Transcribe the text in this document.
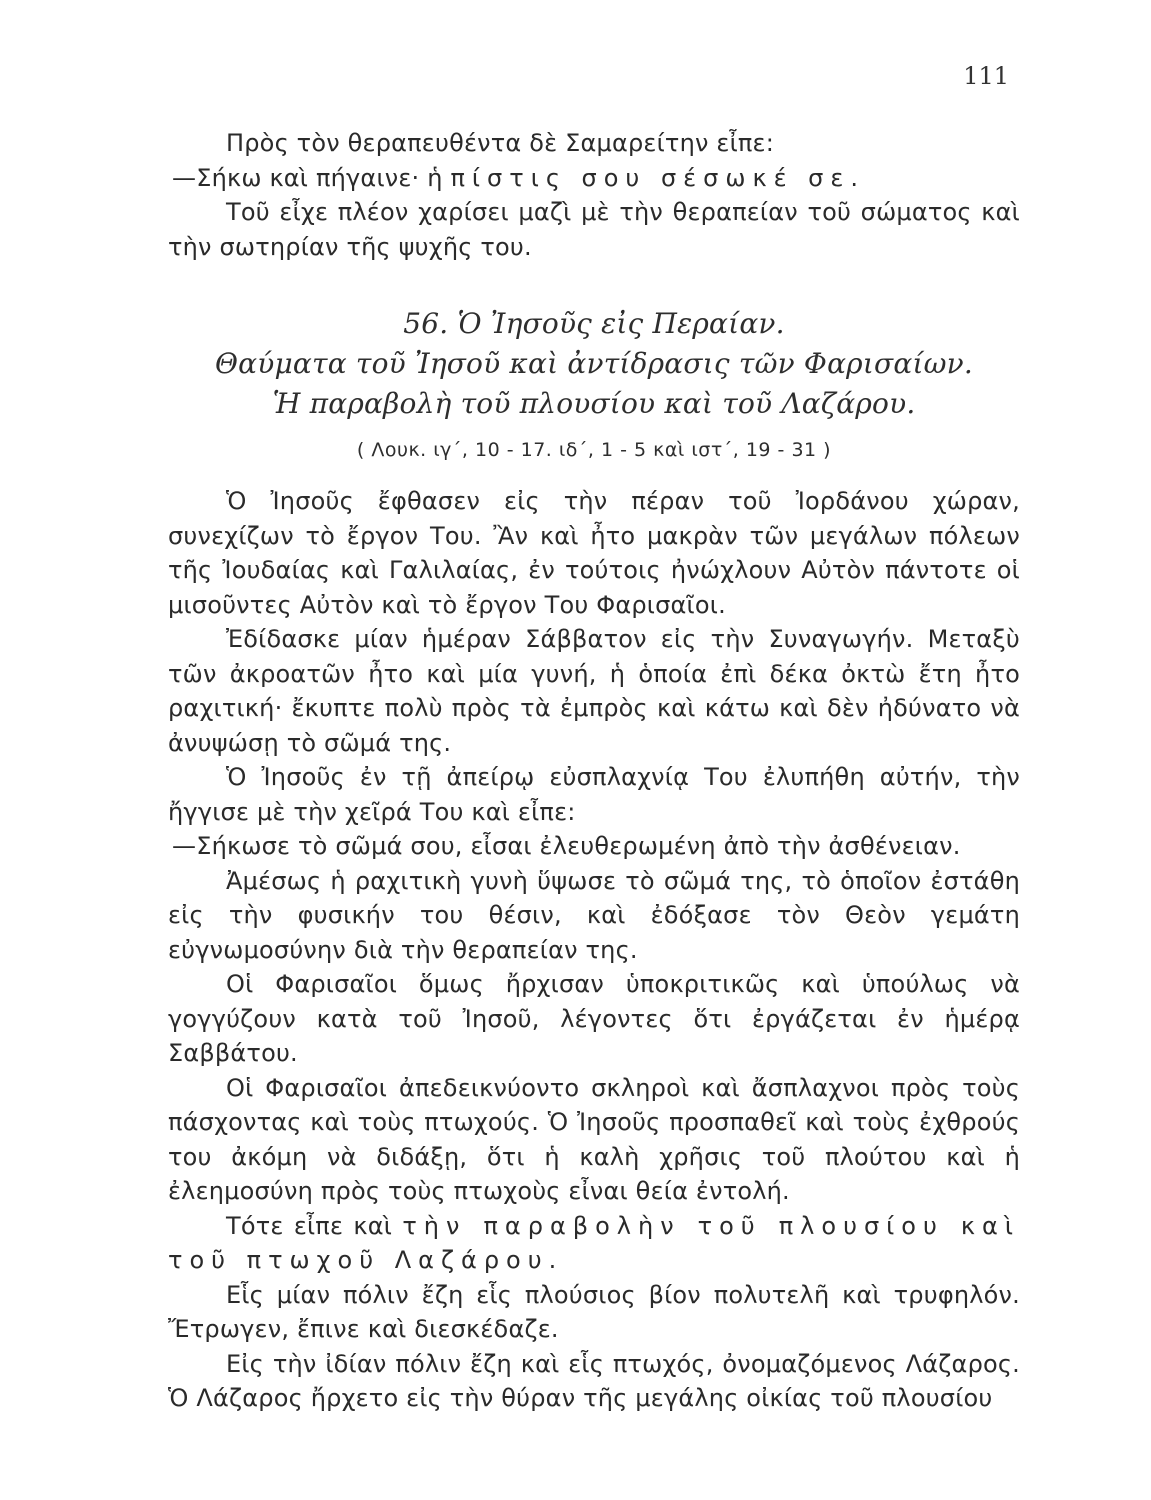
111

Πρὸς τὸν θεραπευθέντα δὲ Σαμαρείτην εἶπε:

—Σήκω καὶ πήγαινε· ἡ πίστις σου σέσωκέ σε.

Τοῦ εἶχε πλέον χαρίσει μαζὶ μὲ τὴν θεραπείαν τοῦ σώματος καὶ τὴν σωτηρίαν τῆς ψυχῆς του.

56. Ὁ Ἰησοῦς εἰς Περαίαν.
Θαύματα τοῦ Ἰησοῦ καὶ ἀντίδρασις τῶν Φαρισαίων.
Ἡ παραβολὴ τοῦ πλουσίου καὶ τοῦ Λαζάρου.
( Λουκ. ιγ΄, 10 - 17. ιδ΄, 1 - 5 καὶ ιστ΄, 19 - 31 )

Ὁ Ἰησοῦς ἔφθασεν εἰς τὴν πέραν τοῦ Ἰορδάνου χώραν, συνεχίζων τὸ ἔργον Του. Ἂν καὶ ἦτο μακρὰν τῶν μεγάλων πόλεων τῆς Ἰουδαίας καὶ Γαλιλαίας, ἐν τούτοις ἠνώχλουν Αὐτὸν πάντοτε οἱ μισοῦντες Αὐτὸν καὶ τὸ ἔργον Του Φαρισαῖοι.

Ἐδίδασκε μίαν ἡμέραν Σάββατον εἰς τὴν Συναγωγήν. Μεταξὺ τῶν ἀκροατῶν ἦτο καὶ μία γυνή, ἡ ὁποία ἐπὶ δέκα ὀκτὼ ἔτη ἦτο ραχιτική· ἔκυπτε πολὺ πρὸς τὰ ἐμπρὸς καὶ κάτω καὶ δὲν ἠδύνατο νὰ ἀνυψώσῃ τὸ σῶμά της.

Ὁ Ἰησοῦς ἐν τῇ ἀπείρῳ εὐσπλαχνίᾳ Του ἐλυπήθη αὐτήν, τὴν ἤγγισε μὲ τὴν χεῖρά Του καὶ εἶπε:

—Σήκωσε τὸ σῶμά σου, εἶσαι ἐλευθερωμένη ἀπὸ τὴν ἀσθένειαν.

Ἀμέσως ἡ ραχιτικὴ γυνὴ ὕψωσε τὸ σῶμά της, τὸ ὁποῖον ἐστάθη εἰς τὴν φυσικήν του θέσιν, καὶ ἐδόξασε τὸν Θεὸν γεμάτη εὐγνωμοσύνην διὰ τὴν θεραπείαν της.

Οἱ Φαρισαῖοι ὅμως ἤρχισαν ὑποκριτικῶς καὶ ὑπούλως νὰ γογγύζουν κατὰ τοῦ Ἰησοῦ, λέγοντες ὅτι ἐργάζεται ἐν ἡμέρᾳ Σαββάτου.

Οἱ Φαρισαῖοι ἀπεδεικνύοντο σκληροὶ καὶ ἄσπλαχνοι πρὸς τοὺς πάσχοντας καὶ τοὺς πτωχούς. Ὁ Ἰησοῦς προσπαθεῖ καὶ τοὺς ἐχθρούς του ἀκόμη νὰ διδάξῃ, ὅτι ἡ καλὴ χρῆσις τοῦ πλούτου καὶ ἡ ἐλεημοσύνη πρὸς τοὺς πτωχοὺς εἶναι θεία ἐντολή.

Τότε εἶπε καὶ τὴν παραβολὴν τοῦ πλουσίου καὶ τοῦ πτωχοῦ Λαζάρου.

Εἷς μίαν πόλιν ἔζη εἷς πλούσιος βίον πολυτελῆ καὶ τρυφηλόν. Ἔτρωγεν, ἔπινε καὶ διεσκέδαζε.

Εἰς τὴν ἰδίαν πόλιν ἔζη καὶ εἷς πτωχός, ὀνομαζόμενος Λάζαρος. Ὁ Λάζαρος ἤρχετο εἰς τὴν θύραν τῆς μεγάλης οἰκίας τοῦ πλουσίου
